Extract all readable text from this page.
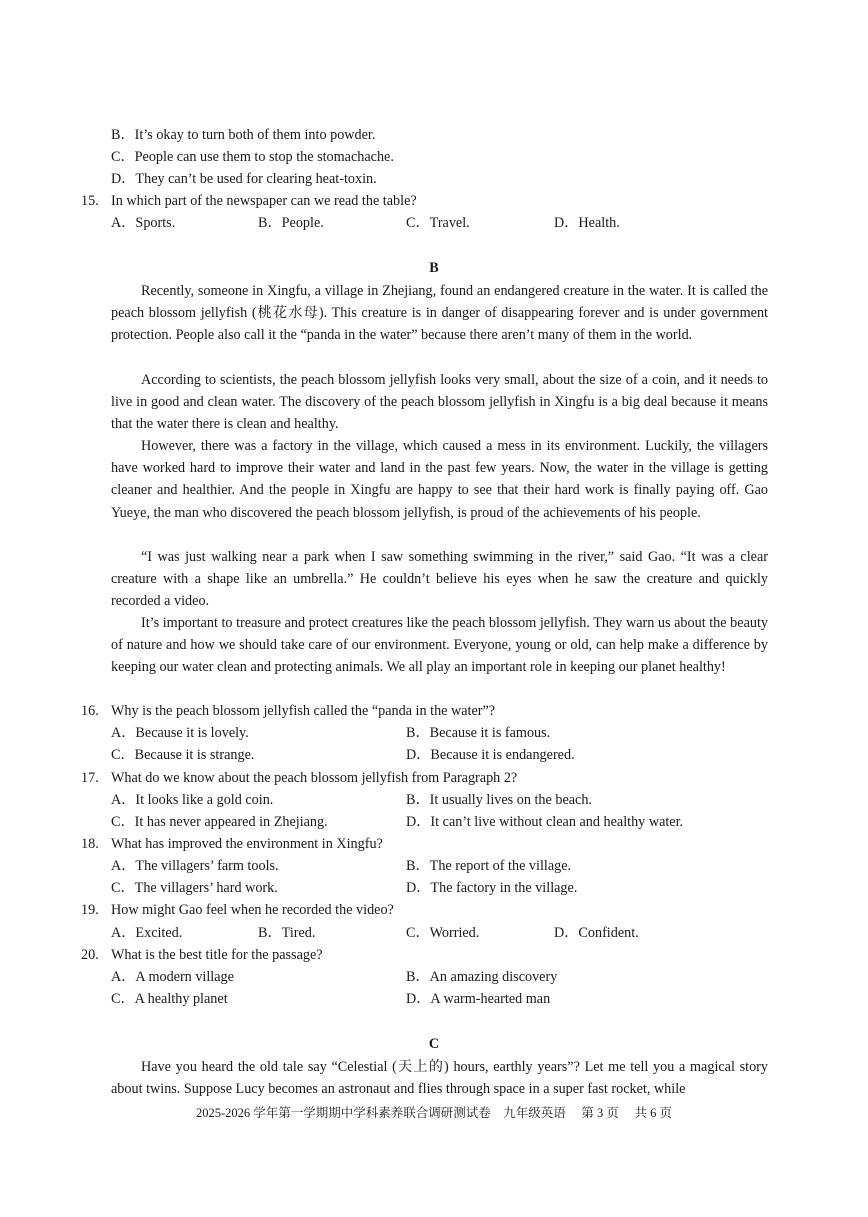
B．It’s okay to turn both of them into powder.
C．People can use them to stop the stomachache.
D．They can’t be used for clearing heat-toxin.
15. In which part of the newspaper can we read the table?
A．Sports.	B．People.	C．Travel.	D．Health.
B
Recently, someone in Xingfu, a village in Zhejiang, found an endangered creature in the water. It is called the peach blossom jellyfish (桃花水母). This creature is in danger of disappearing forever and is under government protection. People also call it the “panda in the water” because there aren’t many of them in the world.
According to scientists, the peach blossom jellyfish looks very small, about the size of a coin, and it needs to live in good and clean water. The discovery of the peach blossom jellyfish in Xingfu is a big deal because it means that the water there is clean and healthy.
However, there was a factory in the village, which caused a mess in its environment. Luckily, the villagers have worked hard to improve their water and land in the past few years. Now, the water in the village is getting cleaner and healthier. And the people in Xingfu are happy to see that their hard work is finally paying off. Gao Yueye, the man who discovered the peach blossom jellyfish, is proud of the achievements of his people.
“I was just walking near a park when I saw something swimming in the river,” said Gao. “It was a clear creature with a shape like an umbrella.” He couldn’t believe his eyes when he saw the creature and quickly recorded a video.
It’s important to treasure and protect creatures like the peach blossom jellyfish. They warn us about the beauty of nature and how we should take care of our environment. Everyone, young or old, can help make a difference by keeping our water clean and protecting animals. We all play an important role in keeping our planet healthy!
16. Why is the peach blossom jellyfish called the “panda in the water”?
A．Because it is lovely.	B．Because it is famous.
C．Because it is strange.	D．Because it is endangered.
17. What do we know about the peach blossom jellyfish from Paragraph 2?
A．It looks like a gold coin.	B．It usually lives on the beach.
C．It has never appeared in Zhejiang.	D．It can’t live without clean and healthy water.
18. What has improved the environment in Xingfu?
A．The villagers’ farm tools.	B．The report of the village.
C．The villagers’ hard work.	D．The factory in the village.
19. How might Gao feel when he recorded the video?
A．Excited.	B．Tired.	C．Worried.	D．Confident.
20. What is the best title for the passage?
A．A modern village	B．An amazing discovery
C．A healthy planet	D．A warm-hearted man
C
Have you heard the old tale say “Celestial (天上的) hours, earthly years”? Let me tell you a magical story about twins. Suppose Lucy becomes an astronaut and flies through space in a super fast rocket, while
2025-2026 学年第一学期期中学科素养联合调研测试卷　九年级英语　 第 3 页　 共 6 页
